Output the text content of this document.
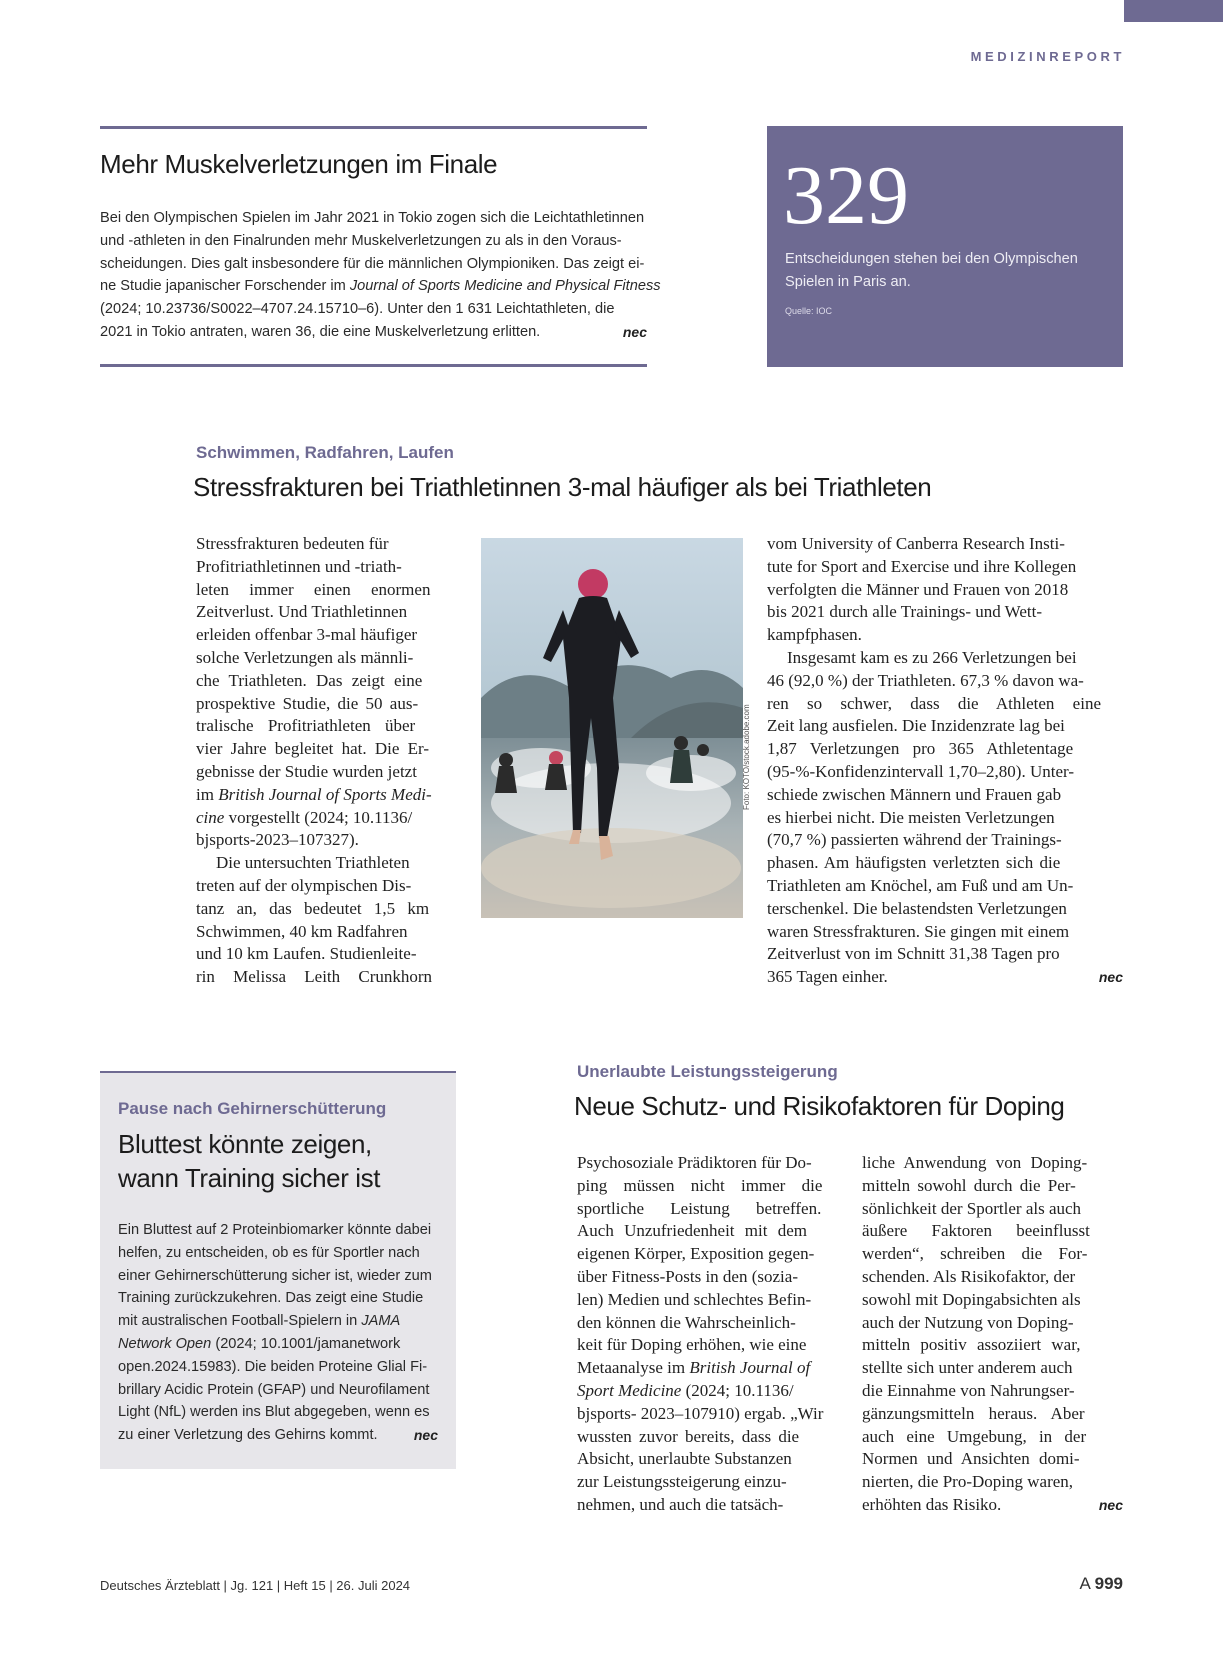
MEDIZINREPORT
Mehr Muskelverletzungen im Finale

Bei den Olympischen Spielen im Jahr 2021 in Tokio zogen sich die Leichtathletinnen

und -athleten in den Finalrunden mehr Muskelverletzungen zu als in den Voraus-

scheidungen. Dies galt insbesondere für die männlichen Olympioniken. Das zeigt ei-

ne Studie japanischer Forschender im Journal of Sports Medicine and Physical Fitness

(2024; 10.23736/S0022–4707.24.15710–6). Unter den 1 631 Leichtathleten, die

2021 in Tokio antraten, waren 36, die eine Muskelverletzung erlitten.	nec

329
Entscheidungen stehen bei den Olympischen Spielen in Paris an.
Quelle: IOC
Schwimmen, Radfahren, Laufen
Stressfrakturen bei Triathletinnen 3-mal häufiger als bei Triathleten

Stressfrakturen bedeuten für

Profitriathletinnen und -triath-

leten immer einen enormen

Zeitverlust. Und Triathletinnen

erleiden offenbar 3-mal häufiger

solche Verletzungen als männli-

che Triathleten. Das zeigt eine

prospektive Studie, die 50 aus-

tralische Profitriathleten über

vier Jahre begleitet hat. Die Er-

gebnisse der Studie wurden jetzt

im British Journal of Sports Medi-

cine vorgestellt (2024; 10.1136/

bjsports-2023–107327).

Die untersuchten Triathleten

treten auf der olympischen Dis-

tanz an, das bedeutet 1,5 km

Schwimmen, 40 km Radfahren

und 10 km Laufen. Studienleite-

rin Melissa Leith Crunkhorn

Foto: KOTO/stock.adobe.com

vom University of Canberra Research Insti-

tute for Sport and Exercise und ihre Kollegen

verfolgten die Männer und Frauen von 2018

bis 2021 durch alle Trainings- und Wett-

kampfphasen.

Insgesamt kam es zu 266 Verletzungen bei

46 (92,0 %) der Triathleten. 67,3 % davon wa-

ren so schwer, dass die Athleten eine

Zeit lang ausfielen. Die Inzidenzrate lag bei

1,87 Verletzungen pro 365 Athletentage

(95-%-Konfidenzintervall 1,70–2,80). Unter-

schiede zwischen Männern und Frauen gab

es hierbei nicht. Die meisten Verletzungen

(70,7 %) passierten während der Trainings-

phasen. Am häufigsten verletzten sich die

Triathleten am Knöchel, am Fuß und am Un-

terschenkel. Die belastendsten Verletzungen

waren Stressfrakturen. Sie gingen mit einem

Zeitverlust von im Schnitt 31,38 Tagen pro

365 Tagen einher.	nec

Pause nach Gehirnerschütterung
Bluttest könnte zeigen,
wann Training sicher ist

Ein Bluttest auf 2 Proteinbiomarker könnte dabei

helfen, zu entscheiden, ob es für Sportler nach

einer Gehirnerschütterung sicher ist, wieder zum

Training zurückzukehren. Das zeigt eine Studie

mit australischen Football-Spielern in JAMA

Network Open (2024; 10.1001/jamanetwork

open.2024.15983). Die beiden Proteine Glial Fi-

brillary Acidic Protein (GFAP) und Neurofilament

Light (NfL) werden ins Blut abgegeben, wenn es

zu einer Verletzung des Gehirns kommt.	nec

Unerlaubte Leistungssteigerung
Neue Schutz- und Risikofaktoren für Doping

Psychosoziale Prädiktoren für Do-

ping müssen nicht immer die

sportliche Leistung betreffen.

Auch Unzufriedenheit mit dem

eigenen Körper, Exposition gegen-

über Fitness-Posts in den (sozia-

len) Medien und schlechtes Befin-

den können die Wahrscheinlich-

keit für Doping erhöhen, wie eine

Metaanalyse im British Journal of

Sport Medicine (2024; 10.1136/

bjsports- 2023–107910) ergab. „Wir

wussten zuvor bereits, dass die

Absicht, unerlaubte Substanzen

zur Leistungssteigerung einzu-

nehmen, und auch die tatsäch-

liche Anwendung von Doping-

mitteln sowohl durch die Per-

sönlichkeit der Sportler als auch

äußere Faktoren beeinflusst

werden“, schreiben die For-

schenden. Als Risikofaktor, der

sowohl mit Dopingabsichten als

auch der Nutzung von Doping-

mitteln positiv assoziiert war,

stellte sich unter anderem auch

die Einnahme von Nahrungser-

gänzungsmitteln heraus. Aber

auch eine Umgebung, in der

Normen und Ansichten domi-

nierten, die Pro-Doping waren,

erhöhten das Risiko.	nec

Deutsches Ärzteblatt | Jg. 121 | Heft 15 | 26. Juli 2024	A 999
